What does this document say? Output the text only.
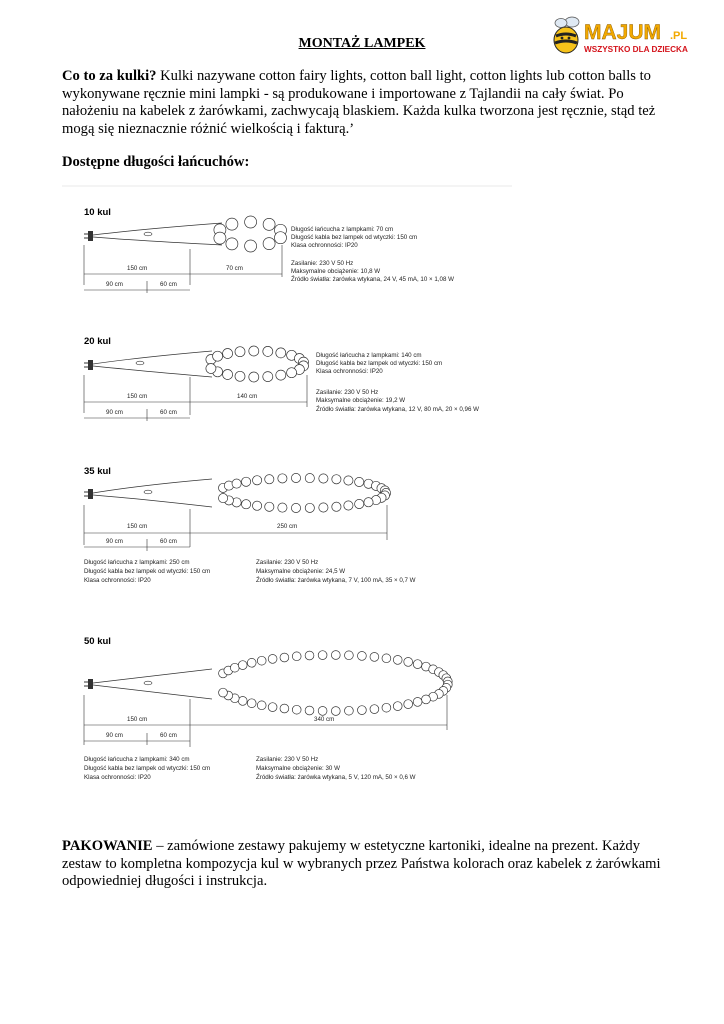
MONTAŻ LAMPEK	MAJUM .PL
WSZYSTKO DLA DZIECKA
Co to za kulki? Kulki nazywane cotton fairy lights, cotton ball light, cotton lights lub cotton balls to wykonywane ręcznie mini lampki - są produkowane i importowane z Tajlandii na cały świat. Po nałożeniu na kabelek z żarówkami, zachwycają blaskiem. Każda kulka tworzona jest ręcznie, stąd też mogą się nieznacznie różnić wielkością i fakturą.’
Dostępne długości łańcuchów:
10 kul
150 cm	70 cm
90 cm	60 cm
Długość łańcucha z lampkami: 70 cm
Długość kabla bez lampek od wtyczki: 150 cm
Klasa ochronności: IP20
Zasilanie: 230 V 50 Hz
Maksymalne obciążenie: 10,8 W
Źródło światła: żarówka wtykana, 24 V, 45 mA, 10 × 1,08 W
20 kul
150 cm	140 cm
90 cm	60 cm
Długość łańcucha z lampkami: 140 cm
Długość kabla bez lampek od wtyczki: 150 cm
Klasa ochronności: IP20
Zasilanie: 230 V 50 Hz
Maksymalne obciążenie: 19,2 W
Źródło światła: żarówka wtykana, 12 V, 80 mA, 20 × 0,96 W
35 kul
150 cm	250 cm
90 cm	60 cm
Długość łańcucha z lampkami: 250 cm
Długość kabla bez lampek od wtyczki: 150 cm
Klasa ochronności: IP20
Zasilanie: 230 V 50 Hz
Maksymalne obciążenie: 24,5 W
Źródło światła: żarówka wtykana, 7 V, 100 mA, 35 × 0,7 W
50 kul
150 cm	340 cm
90 cm	60 cm
Długość łańcucha z lampkami: 340 cm
Długość kabla bez lampek od wtyczki: 150 cm
Klasa ochronności: IP20
Zasilanie: 230 V 50 Hz
Maksymalne obciążenie: 30 W
Źródło światła: żarówka wtykana, 5 V, 120 mA, 50 × 0,6 W
PAKOWANIE – zamówione zestawy pakujemy w estetyczne kartoniki, idealne na prezent. Każdy zestaw to kompletna kompozycja kul w wybranych przez Państwa kolorach oraz kabelek z żarówkami odpowiedniej długości i instrukcja.
